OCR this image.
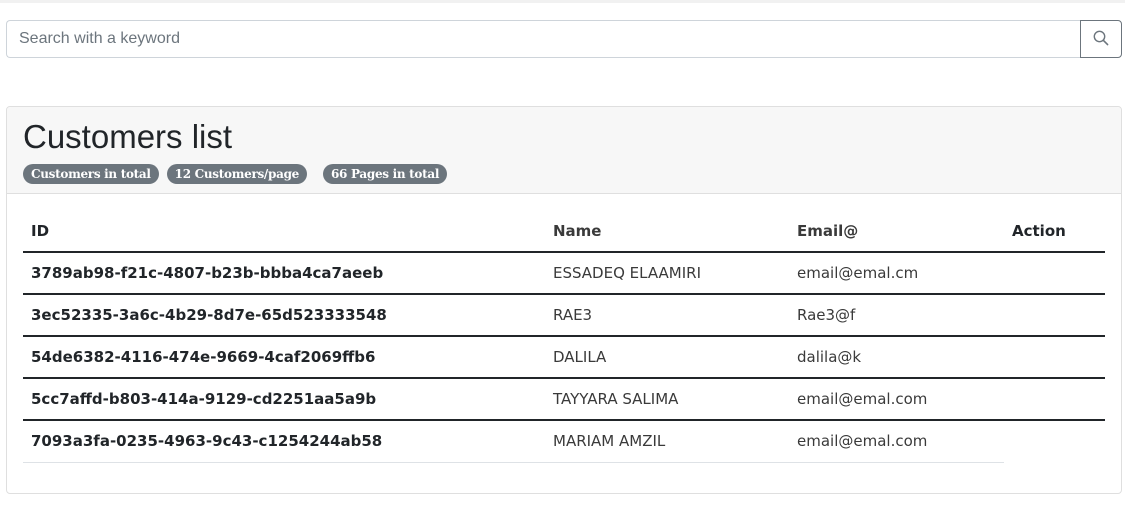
Search with a keyword
Customers list
Customers in total	12 Customers/page	66 Pages in total
ID	Name	Email@	Action
3789ab98-f21c-4807-b23b-bbba4ca7aeeb	ESSADEQ ELAAMIRI	email@emal.cm	
3ec52335-3a6c-4b29-8d7e-65d523333548	RAE3	Rae3@f	
54de6382-4116-474e-9669-4caf2069ffb6	DALILA	dalila@k	
5cc7affd-b803-414a-9129-cd2251aa5a9b	TAYYARA SALIMA	email@emal.com	
7093a3fa-0235-4963-9c43-c1254244ab58	MARIAM AMZIL	email@emal.com	
